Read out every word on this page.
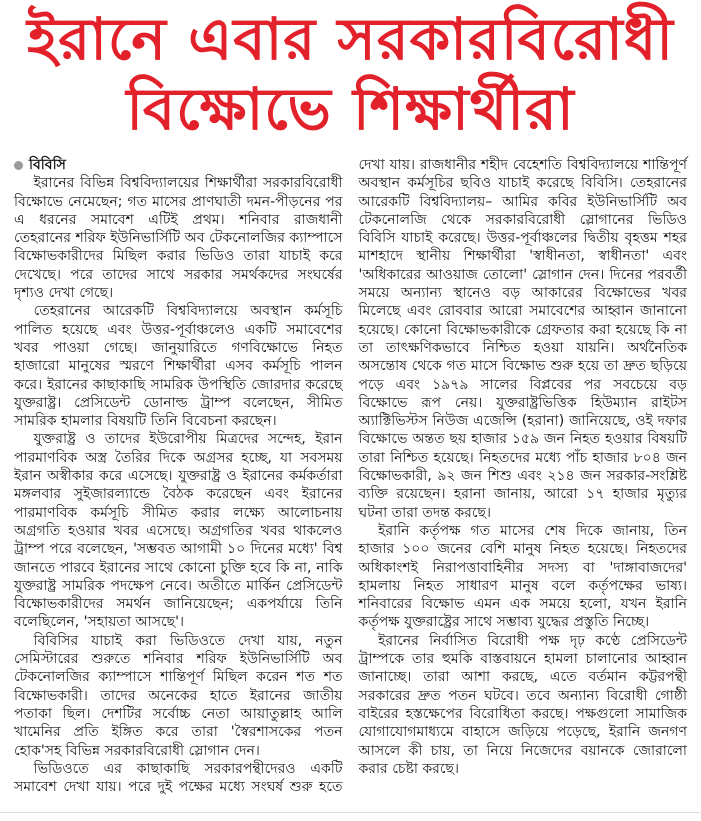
ইরানে এবার সরকারবিরোধী
বিক্ষোভে শিক্ষার্থীরা
বিবিসি

ইরানের বিভিন্ন বিশ্ববিদ্যালয়ের শিক্ষার্থীরা সরকারবিরোধী বিক্ষোভে নেমেছেন; গত মাসের প্রাণঘাতী দমন-পীড়নের পর এ ধরনের সমাবেশ এটিই প্রথম। শনিবার রাজধানী তেহরানের শরিফ ইউনিভার্সিটি অব টেকনোলজির ক্যাম্পাসে বিক্ষোভকারীদের মিছিল করার ভিডিও তারা যাচাই করে দেখেছে। পরে তাদের সাথে সরকার সমর্থকদের সংঘর্ষের দৃশ্যও দেখা গেছে।

তেহরানের আরেকটি বিশ্ববিদ্যালয়ে অবস্থান কর্মসূচি পালিত হয়েছে এবং উত্তর-পূর্বাঞ্চলেও একটি সমাবেশের খবর পাওয়া গেছে। জানুয়ারিতে গণবিক্ষোভে নিহত হাজারো মানুষের স্মরণে শিক্ষার্থীরা এসব কর্মসূচি পালন করে। ইরানের কাছাকাছি সামরিক উপস্থিতি জোরদার করেছে যুক্তরাষ্ট্র। প্রেসিডেন্ট ডোনাল্ড ট্রাম্প বলেছেন, সীমিত সামরিক হামলার বিষয়টি তিনি বিবেচনা করছেন।

যুক্তরাষ্ট্র ও তাদের ইউরোপীয় মিত্রদের সন্দেহ, ইরান পারমাণবিক অস্ত্র তৈরির দিকে অগ্রসর হচ্ছে, যা সবসময় ইরান অস্বীকার করে এসেছে। যুক্তরাষ্ট্র ও ইরানের কর্মকর্তারা মঙ্গলবার সুইজারল্যান্ডে বৈঠক করেছেন এবং ইরানের পারমাণবিক কর্মসূচি সীমিত করার লক্ষ্যে আলোচনায় অগ্রগতি হওয়ার খবর এসেছে। অগ্রগতির খবর থাকলেও ট্রাম্প পরে বলেছেন, 'সম্ভবত আগামী ১০ দিনের মধ্যে' বিশ্ব জানতে পারবে ইরানের সাথে কোনো চুক্তি হবে কি না, নাকি যুক্তরাষ্ট্র সামরিক পদক্ষেপ নেবে। অতীতে মার্কিন প্রেসিডেন্ট বিক্ষোভকারীদের সমর্থন জানিয়েছেন; একপর্যায়ে তিনি বলেছিলেন, 'সহায়তা আসছে'।

বিবিসির যাচাই করা ভিডিওতে দেখা যায়, নতুন সেমিস্টারের শুরুতে শনিবার শরিফ ইউনিভার্সিটি অব টেকনোলজির ক্যাম্পাসে শান্তিপূর্ণ মিছিল করেন শত শত বিক্ষোভকারী। তাদের অনেকের হাতে ইরানের জাতীয় পতাকা ছিল। দেশটির সর্বোচ্চ নেতা আয়াতুল্লাহ আলি খামেনির প্রতি ইঙ্গিত করে তারা 'স্বৈরশাসকের পতন হোক'সহ বিভিন্ন সরকারবিরোধী স্লোগান দেন।

ভিডিওতে এর কাছাকাছি সরকারপন্থীদেরও একটি সমাবেশ দেখা যায়। পরে দুই পক্ষের মধ্যে সংঘর্ষ শুরু হতে দেখা যায়। রাজধানীর শহীদ বেহেশতি বিশ্ববিদ্যালয়ে শান্তিপূর্ণ অবস্থান কর্মসূচির ছবিও যাচাই করেছে বিবিসি। তেহরানের আরেকটি বিশ্ববিদ্যালয়– আমির কবির ইউনিভার্সিটি অব টেকনোলজি থেকে সরকারবিরোধী স্লোগানের ভিডিও বিবিসি যাচাই করেছে। উত্তর-পূর্বাঞ্চলের দ্বিতীয় বৃহত্তম শহর মাশহাদে স্থানীয় শিক্ষার্থীরা 'স্বাধীনতা, স্বাধীনতা' এবং 'অধিকারের আওয়াজ তোলো' স্লোগান দেন। দিনের পরবর্তী সময়ে অন্যান্য স্থানেও বড় আকারের বিক্ষোভের খবর মিলেছে এবং রোববার আরো সমাবেশের আহ্বান জানানো হয়েছে। কোনো বিক্ষোভকারীকে গ্রেফতার করা হয়েছে কি না তা তাৎক্ষণিকভাবে নিশ্চিত হওয়া যায়নি। অর্থনৈতিক অসন্তোষ থেকে গত মাসে বিক্ষোভ শুরু হয়ে তা দ্রুত ছড়িয়ে পড়ে এবং ১৯৭৯ সালের বিপ্লবের পর সবচেয়ে বড় বিক্ষোভে রূপ নেয়। যুক্তরাষ্ট্রভিত্তিক হিউম্যান রাইটস অ্যাক্টিভিস্টস নিউজ এজেন্সি (হরানা) জানিয়েছে, ওই দফার বিক্ষোভে অন্তত ছয় হাজার ১৫৯ জন নিহত হওয়ার বিষয়টি তারা নিশ্চিত হয়েছে। নিহতদের মধ্যে পাঁচ হাজার ৮০৪ জন বিক্ষোভকারী, ৯২ জন শিশু এবং ২১৪ জন সরকার-সংশ্লিষ্ট ব্যক্তি রয়েছেন। হরানা জানায়, আরো ১৭ হাজার মৃত্যুর ঘটনা তারা তদন্ত করছে।

ইরানি কর্তৃপক্ষ গত মাসের শেষ দিকে জানায়, তিন হাজার ১০০ জনের বেশি মানুষ নিহত হয়েছে। নিহতদের অধিকাংশই নিরাপত্তাবাহিনীর সদস্য বা 'দাঙ্গাবাজদের' হামলায় নিহত সাধারণ মানুষ বলে কর্তৃপক্ষের ভাষ্য। শনিবারের বিক্ষোভ এমন এক সময়ে হলো, যখন ইরানি কর্তৃপক্ষ যুক্তরাষ্ট্রের সাথে সম্ভাব্য যুদ্ধের প্রস্তুতি নিচ্ছে।

ইরানের নির্বাসিত বিরোধী পক্ষ দৃঢ় কণ্ঠে প্রেসিডেন্ট ট্রাম্পকে তার হুমকি বাস্তবায়নে হামলা চালানোর আহ্বান জানাচ্ছে। তারা আশা করছে, এতে বর্তমান কট্টরপন্থী সরকারের দ্রুত পতন ঘটবে। তবে অন্যান্য বিরোধী গোষ্ঠী বাইরের হস্তক্ষেপের বিরোধিতা করছে। পক্ষগুলো সামাজিক যোগাযোগমাধ্যমে বাহাসে জড়িয়ে পড়েছে, ইরানি জনগণ আসলে কী চায়, তা নিয়ে নিজেদের বয়ানকে জোরালো করার চেষ্টা করছে।
